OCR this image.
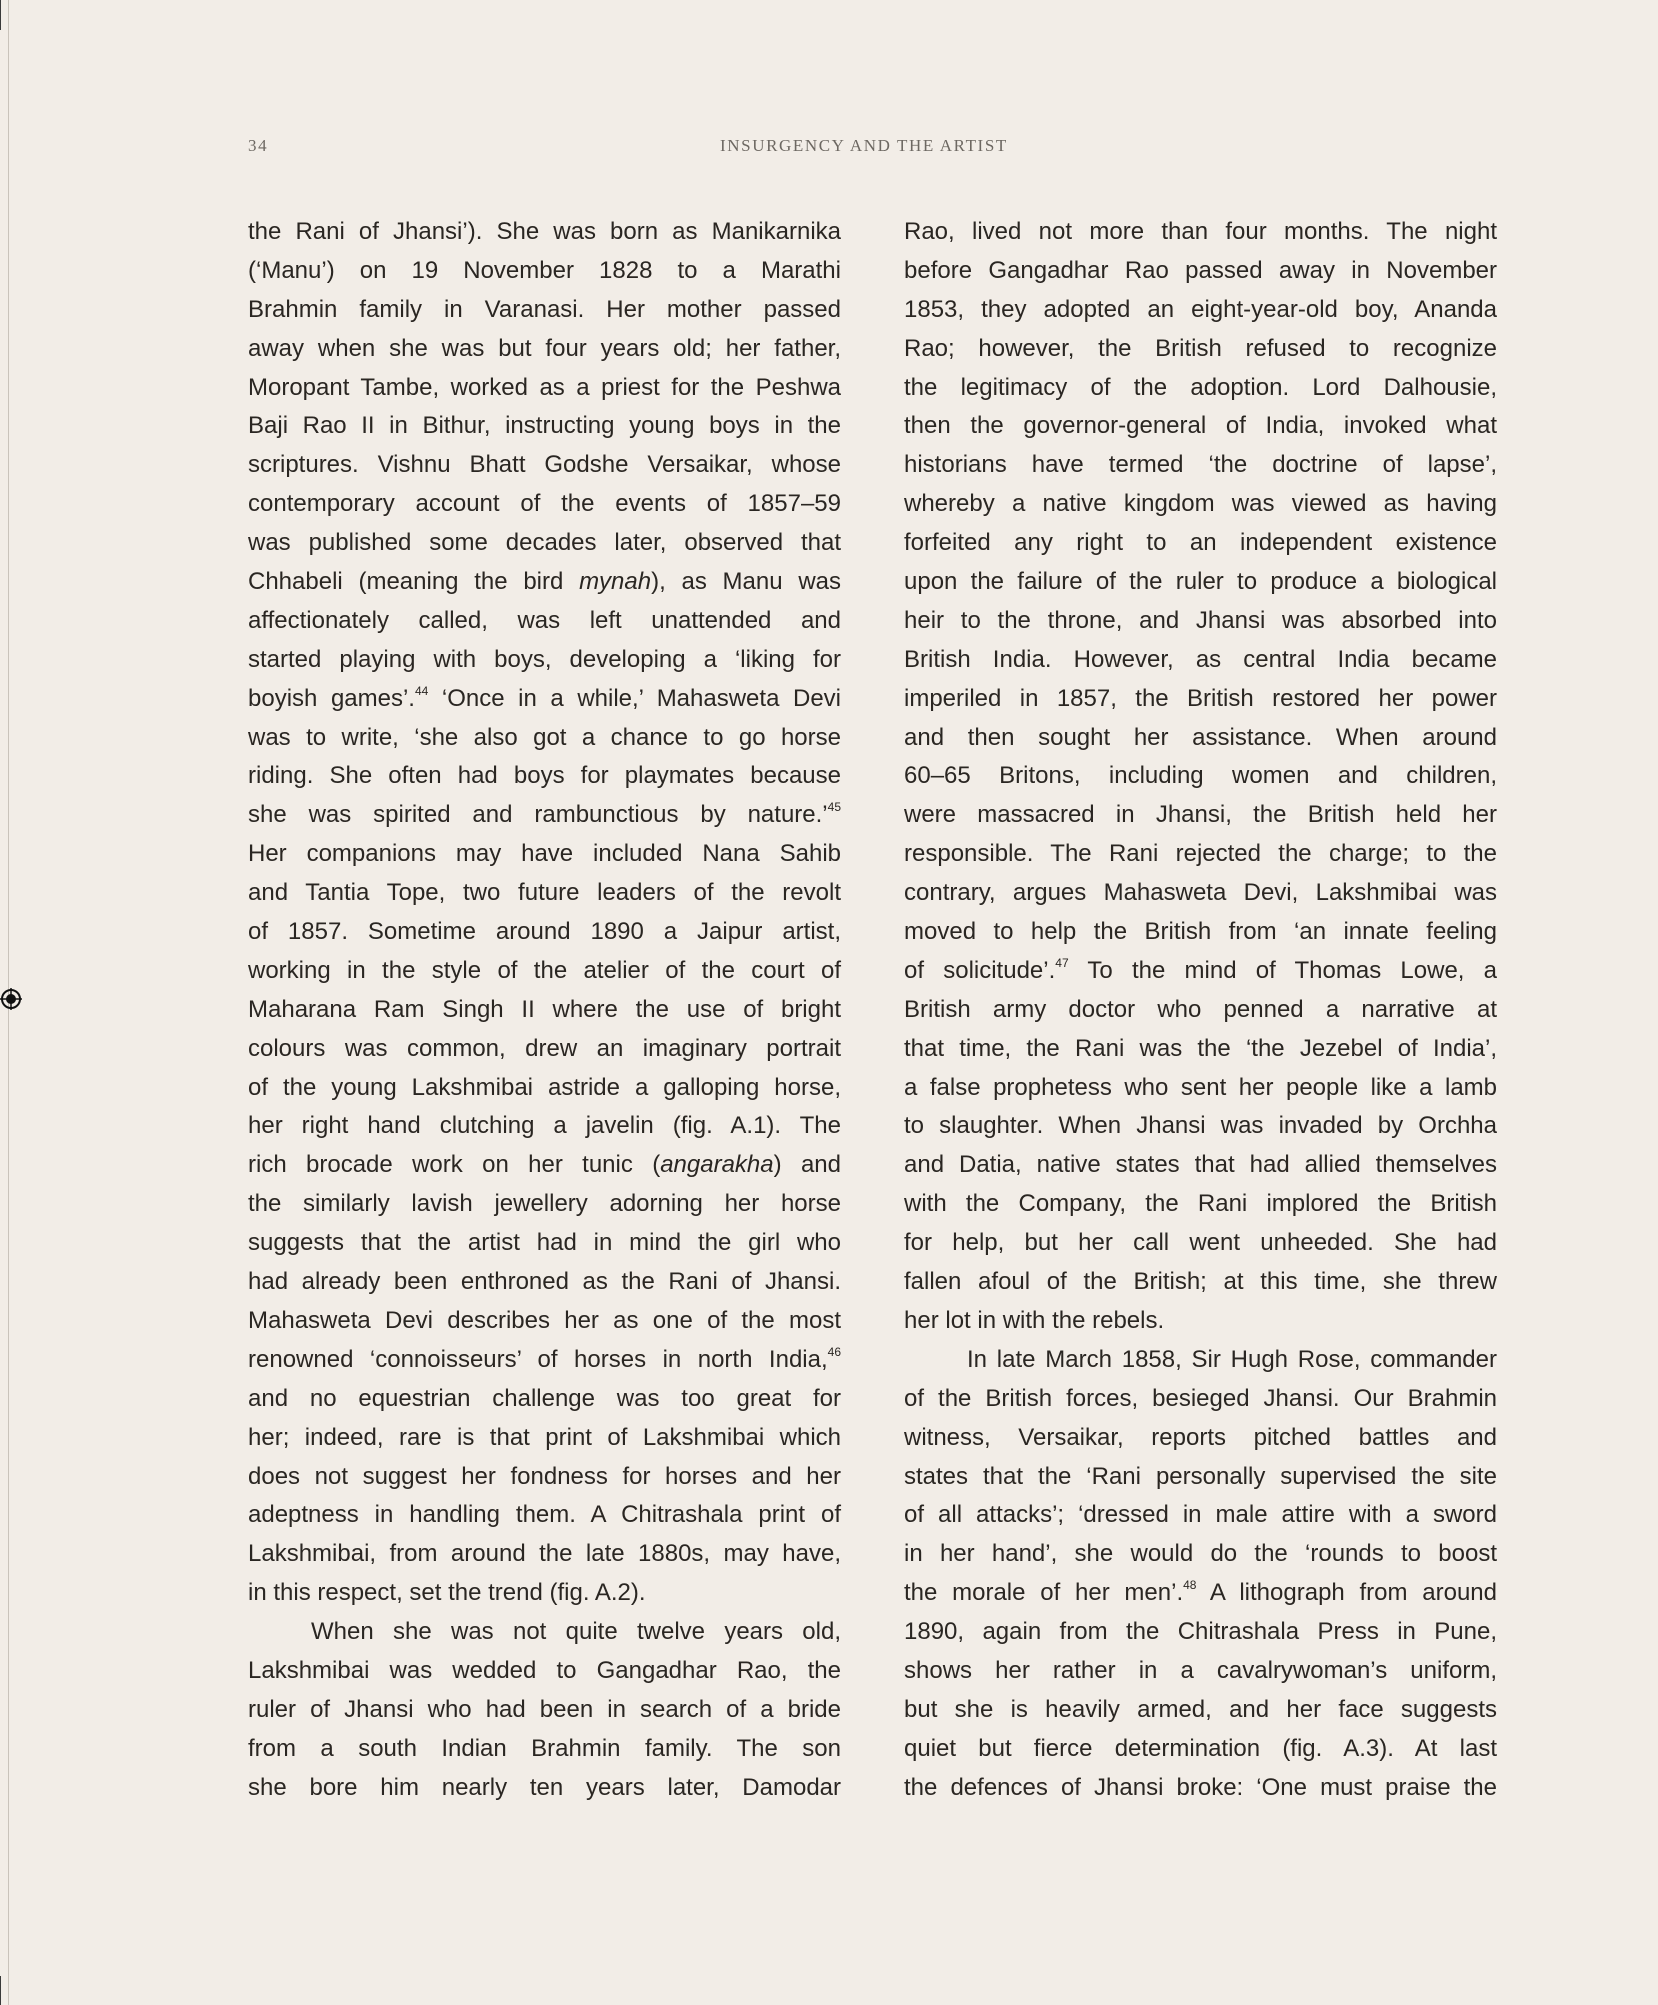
34	INSURGENCY AND THE ARTIST
the Rani of Jhansi’). She was born as Manikarnika
(‘Manu’) on 19 November 1828 to a Marathi
Brahmin family in Varanasi. Her mother passed
away when she was but four years old; her father,
Moropant Tambe, worked as a priest for the Peshwa
Baji Rao II in Bithur, instructing young boys in the
scriptures. Vishnu Bhatt Godshe Versaikar, whose
contemporary account of the events of 1857–59
was published some decades later, observed that
Chhabeli (meaning the bird mynah), as Manu was
affectionately called, was left unattended and
started playing with boys, developing a ‘liking for
boyish games’.$^{44}$ ‘Once in a while,’ Mahasweta Devi
was to write, ‘she also got a chance to go horse
riding. She often had boys for playmates because
she was spirited and rambunctious by nature.’$^{45}$
Her companions may have included Nana Sahib
and Tantia Tope, two future leaders of the revolt
of 1857. Sometime around 1890 a Jaipur artist,
working in the style of the atelier of the court of
Maharana Ram Singh II where the use of bright
colours was common, drew an imaginary portrait
of the young Lakshmibai astride a galloping horse,
her right hand clutching a javelin (fig. A.1). The
rich brocade work on her tunic (angarakha) and
the similarly lavish jewellery adorning her horse
suggests that the artist had in mind the girl who
had already been enthroned as the Rani of Jhansi.
Mahasweta Devi describes her as one of the most
renowned ‘connoisseurs’ of horses in north India,$^{46}$
and no equestrian challenge was too great for
her; indeed, rare is that print of Lakshmibai which
does not suggest her fondness for horses and her
adeptness in handling them. A Chitrashala print of
Lakshmibai, from around the late 1880s, may have,
in this respect, set the trend (fig. A.2).
When she was not quite twelve years old,
Lakshmibai was wedded to Gangadhar Rao, the
ruler of Jhansi who had been in search of a bride
from a south Indian Brahmin family. The son
she bore him nearly ten years later, Damodar
Rao, lived not more than four months. The night
before Gangadhar Rao passed away in November
1853, they adopted an eight-year-old boy, Ananda
Rao; however, the British refused to recognize
the legitimacy of the adoption. Lord Dalhousie,
then the governor-general of India, invoked what
historians have termed ‘the doctrine of lapse’,
whereby a native kingdom was viewed as having
forfeited any right to an independent existence
upon the failure of the ruler to produce a biological
heir to the throne, and Jhansi was absorbed into
British India. However, as central India became
imperiled in 1857, the British restored her power
and then sought her assistance. When around
60–65 Britons, including women and children,
were massacred in Jhansi, the British held her
responsible. The Rani rejected the charge; to the
contrary, argues Mahasweta Devi, Lakshmibai was
moved to help the British from ‘an innate feeling
of solicitude’.$^{47}$ To the mind of Thomas Lowe, a
British army doctor who penned a narrative at
that time, the Rani was the ‘the Jezebel of India’,
a false prophetess who sent her people like a lamb
to slaughter. When Jhansi was invaded by Orchha
and Datia, native states that had allied themselves
with the Company, the Rani implored the British
for help, but her call went unheeded. She had
fallen afoul of the British; at this time, she threw
her lot in with the rebels.
In late March 1858, Sir Hugh Rose, commander
of the British forces, besieged Jhansi. Our Brahmin
witness, Versaikar, reports pitched battles and
states that the ‘Rani personally supervised the site
of all attacks’; ‘dressed in male attire with a sword
in her hand’, she would do the ‘rounds to boost
the morale of her men’.$^{48}$ A lithograph from around
1890, again from the Chitrashala Press in Pune,
shows her rather in a cavalrywoman’s uniform,
but she is heavily armed, and her face suggests
quiet but fierce determination (fig. A.3). At last
the defences of Jhansi broke: ‘One must praise the
